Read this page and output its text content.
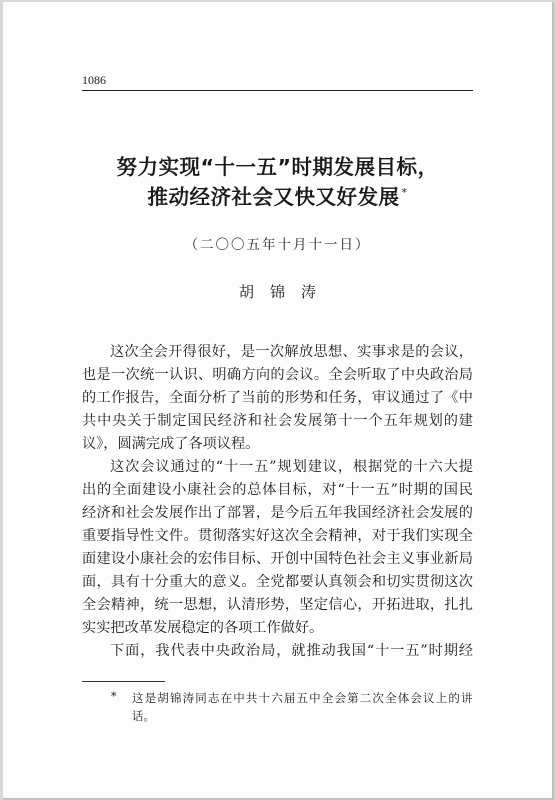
1086
努力实现“十一五”时期发展目标，
推动经济社会又快又好发展 *
（二〇〇五年十月十一日）
胡锦涛
这次全会开得很好，是一次解放思想、实事求是的会议，
也是一次统一认识、明确方向的会议。全会听取了中央政治局
的工作报告，全面分析了当前的形势和任务，审议通过了《中
共中央关于制定国民经济和社会发展第十一个五年规划的建
议》，圆满完成了各项议程。
这次会议通过的“十一五”规划建议，根据党的十六大提
出的全面建设小康社会的总体目标，对“十一五”时期的国民
经济和社会发展作出了部署，是今后五年我国经济社会发展的
重要指导性文件。贯彻落实好这次全会精神，对于我们实现全
面建设小康社会的宏伟目标、开创中国特色社会主义事业新局
面，具有十分重大的意义。全党都要认真领会和切实贯彻这次
全会精神，统一思想，认清形势，坚定信心，开拓进取，扎扎
实实把改革发展稳定的各项工作做好。
下面，我代表中央政治局，就推动我国“十一五”时期经
* 这是胡锦涛同志在中共十六届五中全会第二次全体会议上的讲
话。
